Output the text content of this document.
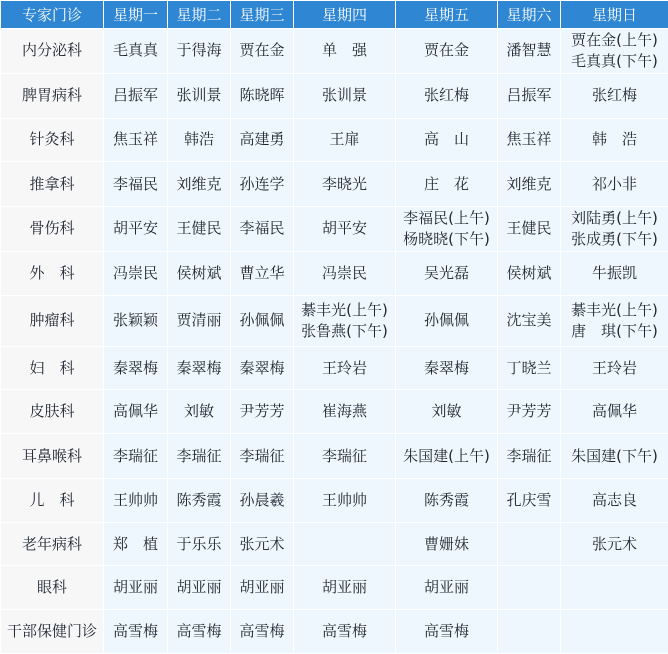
专家门诊	星期一	星期二	星期三	星期四	星期五	星期六	星期日
内分泌科	毛真真	于得海	贾在金	单　强	贾在金	潘智慧	贾在金(上午)
毛真真(下午)

脾胃病科	吕振军	张训景	陈晓晖	张训景	张红梅	吕振军	张红梅

针灸科	焦玉祥	韩浩	高建勇	王扉	高　山	焦玉祥	韩　浩

推拿科	李福民	刘维克	孙连学	李晓光	庄　花	刘维克	祁小非

骨伤科	胡平安	王健民	李福民	胡平安	李福民(上午)
杨晓晓(下午)	王健民	刘陆勇(上午)
张成勇(下午)

外　科	冯崇民	侯树斌	曹立华	冯崇民	吴光磊	侯树斌	牛振凯

肿瘤科	张颖颖	贾清丽	孙佩佩	綦丰光(上午)
张鲁燕(下午)	孙佩佩	沈宝美	綦丰光(上午)
唐　琪(下午)

妇　科	秦翠梅	秦翠梅	秦翠梅	王玲岩	秦翠梅	丁晓兰	王玲岩

皮肤科	高佩华	刘敏	尹芳芳	崔海燕	刘敏	尹芳芳	高佩华

耳鼻喉科	李瑞征	李瑞征	李瑞征	李瑞征	朱国建(上午)	李瑞征	朱国建(下午)

儿　科	王帅帅	陈秀霞	孙晨羲	王帅帅	陈秀霞	孔庆雪	高志良

老年病科	郑　植	于乐乐	张元术		曹姗妹		张元术

眼科	胡亚丽	胡亚丽	胡亚丽	胡亚丽	胡亚丽		

干部保健门诊	高雪梅	高雪梅	高雪梅	高雪梅	高雪梅		
